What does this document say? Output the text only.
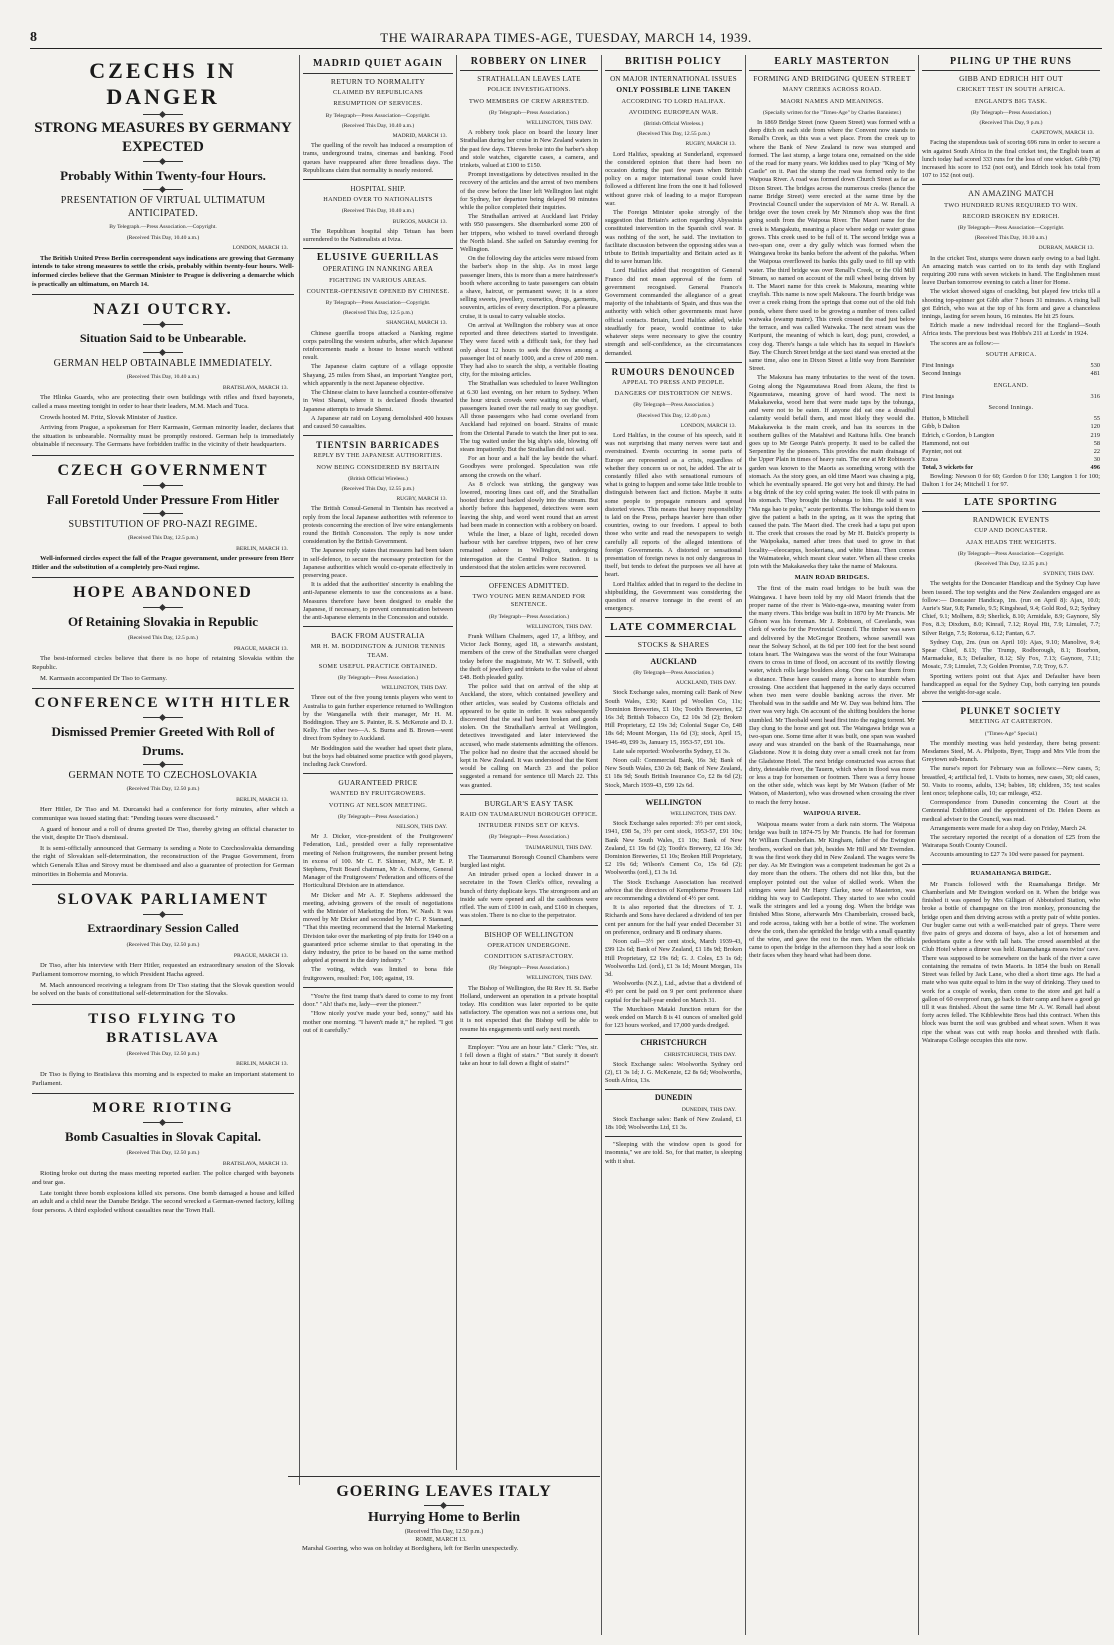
8	THE WAIRARAPA TIMES-AGE, TUESDAY, MARCH 14, 1939.
CZECHS IN DANGER
STRONG MEASURES BY GERMANY EXPECTED
Probably Within Twenty-four Hours.
PRESENTATION OF VIRTUAL ULTIMATUM ANTICIPATED.
By Telegraph.—Press Association.—Copyright.
(Received This Day, 10.40 a.m.)
LONDON, MARCH 13.

The British United Press Berlin correspondent says indications are growing that Germany intends to take strong measures to settle the crisis, probably within twenty-four hours. Well-informed circles believe that the German Minister to Prague is delivering a demarche which is practically an ultimatum, on March 14.

NAZI OUTCRY.
Situation Said to be Unbearable.
GERMAN HELP OBTAINABLE IMMEDIATELY.
(Received This Day, 10.40 a.m.)
BRATISLAVA, MARCH 13.

The Hlinka Guards, who are protecting their own buildings with rifles and fixed bayonets, called a mass meeting tonight in order to hear their leaders, M.M. Mach and Tuca.

Crowds hooted M. Fritz, Slovak Minister of Justice.

Arriving from Prague, a spokesman for Herr Karmasin, German minority leader, declares that the situation is unbearable. Normality must be promptly restored. German help is immediately obtainable if necessary. The Germans have forbidden traffic in the vicinity of their headquarters.

CZECH GOVERNMENT
Fall Foretold Under Pressure From Hitler
SUBSTITUTION OF PRO-NAZI REGIME.
(Received This Day, 12.5 p.m.)
BERLIN, MARCH 13.

Well-informed circles expect the fall of the Prague government, under pressure from Herr Hitler and the substitution of a completely pro-Nazi regime.

HOPE ABANDONED
Of Retaining Slovakia in Republic
(Received This Day, 12.5 p.m.)
PRAGUE, MARCH 13.

The best-informed circles believe that there is no hope of retaining Slovakia within the Republic.

M. Karmasin accompanied Dr Tiso to Germany.

CONFERENCE WITH HITLER
Dismissed Premier Greeted With Roll of Drums.
GERMAN NOTE TO CZECHOSLOVAKIA
(Received This Day, 12.50 p.m.)
BERLIN, MARCH 13.

Herr Hitler, Dr Tiso and M. Durcanski had a conference for forty minutes, after which a communique was issued stating that: "Pending issues were discussed."

A guard of honour and a roll of drums greeted Dr Tiso, thereby giving an official character to the visit, despite Dr Tiso's dismissal.

It is semi-officially announced that Germany is sending a Note to Czechoslovakia demanding the right of Slovakian self-determination, the reconstruction of the Prague Government, from which Generals Elias and Sirovy must be dismissed and also a guarantee of protection for German minorities in Bohemia and Moravia.

SLOVAK PARLIAMENT
Extraordinary Session Called
(Received This Day, 12.50 p.m.)
PRAGUE, MARCH 13.

Dr Tiso, after his interview with Herr Hitler, requested an extraordinary session of the Slovak Parliament tomorrow morning, to which President Hacha agreed.

M. Mach announced receiving a telegram from Dr Tiso stating that the Slovak question would be solved on the basis of constitutional self-determination for the Slovaks.

TISO FLYING TO BRATISLAVA
(Received This Day, 12.50 p.m.)
BERLIN, MARCH 13.

Dr Tiso is flying to Bratislava this morning and is expected to make an important statement to Parliament.

MORE RIOTING
Bomb Casualties in Slovak Capital.
(Received This Day, 12.50 p.m.)
BRATISLAVA, MARCH 13.

Rioting broke out during the mass meeting reported earlier. The police charged with bayonets and tear gas.

Late tonight three bomb explosions killed six persons. One bomb damaged a house and killed an adult and a child near the Danube Bridge. The second wrecked a German-owned factory, killing four persons. A third exploded without casualties near the Town Hall.

MADRID QUIET AGAIN
RETURN TO NORMALITY
CLAIMED BY REPUBLICANS
RESUMPTION OF SERVICES.
By Telegraph—Press Association—Copyright.
(Received This Day, 10.40 a.m.)
MADRID, MARCH 13.

The quelling of the revolt has induced a resumption of trams, underground trains, cinemas and banking. Food queues have reappeared after three breadless days. The Republicans claim that normality is nearly restored.

HOSPITAL SHIP.
HANDED OVER TO NATIONALISTS
(Received This Day, 10.40 a.m.)
BURGOS, MARCH 13.

The Republican hospital ship Tetuan has been surrendered to the Nationalists at Iviza.

ELUSIVE GUERILLAS
OPERATING IN NANKING AREA
FIGHTING IN VARIOUS AREAS.
COUNTER-OFFENSIVE OPENED BY CHINESE.
By Telegraph—Press Association—Copyright.
(Received This Day, 12.5 p.m.)
SHANGHAI, MARCH 13.

Chinese guerilla troops attacked a Nanking regime corps patrolling the western suburbs, after which Japanese reinforcements made a house to house search without result.

The Japanese claim capture of a village opposite Shayang, 25 miles from Shasi, an important Yangtze port, which apparently is the next Japanese objective.

The Chinese claim to have launched a counter-offensive in West Shansi, where it is declared floods thwarted Japanese attempts to invade Shensi.

A Japanese air raid on Loyang demolished 400 houses and caused 50 casualties.

TIENTSIN BARRICADES
REPLY BY THE JAPANESE AUTHORITIES.
NOW BEING CONSIDERED BY BRITAIN
(British Official Wireless.)
(Received This Day, 12.55 p.m.)
RUGBY, MARCH 13.

The British Consul-General in Tientsin has received a reply from the local Japanese authorities with reference to protests concerning the erection of live wire entanglements round the British Concession. The reply is now under consideration by the British Government.

The Japanese reply states that measures had been taken in self-defence, to secure the necessary protection for the Japanese authorities which would co-operate effectively in preserving peace.

It is added that the authorities' sincerity is enabling the anti-Japanese elements to use the concessions as a base. Measures therefore have been designed to enable the Japanese, if necessary, to prevent communication between the anti-Japanese elements in the Concession and outside.

BACK FROM AUSTRALIA
MR H. M. BODDINGTON & JUNIOR TENNIS TEAM.
SOME USEFUL PRACTICE OBTAINED.
(By Telegraph—Press Association.)
WELLINGTON, THIS DAY.

Three out of the five young tennis players who went to Australia to gain further experience returned to Wellington by the Wanganella with their manager, Mr H. M. Boddington. They are S. Painter, R. S. McKenzie and D. J. Kelly. The other two—A. S. Burns and B. Brown—went direct from Sydney to Auckland.

Mr Boddington said the weather had upset their plans, but the boys had obtained some practice with good players, including Jack Crawford.

GUARANTEED PRICE
WANTED BY FRUITGROWERS.
VOTING AT NELSON MEETING.
(By Telegraph—Press Association.)
NELSON, THIS DAY.

Mr J. Dicker, vice-president of the Fruitgrowers' Federation, Ltd., presided over a fully representative meeting of Nelson fruitgrowers, the number present being in excess of 100. Mr C. F. Skinner, M.P., Mr E. P. Stephens, Fruit Board chairman, Mr A. Osborne, General Manager of the Fruitgrowers' Federation and officers of the Horticultural Division are in attendance.

Mr Dicker and Mr A. F. Stephens addressed the meeting, advising growers of the result of negotiations with the Minister of Marketing the Hon. W. Nash. It was moved by Mr Dicker and seconded by Mr C. P. Stannard, "That this meeting recommend that the Internal Marketing Division take over the marketing of pip fruits for 1940 on a guaranteed price scheme similar to that operating in the dairy industry, the price to be based on the same method adopted at present in the dairy industry."

The voting, which was limited to bona fide fruitgrowers, resulted: For, 100; against, 19.

"You're the first tramp that's dared to come to my front door." "Ah! that's me, lady—ever the pioneer."

"How nicely you've made your bed, sonny," said his mother one morning. "I haven't made it," he replied. "I got out of it carefully."

ROBBERY ON LINER
STRATHALLAN LEAVES LATE
POLICE INVESTIGATIONS.
TWO MEMBERS OF CREW ARRESTED.
(By Telegraph—Press Association.)
WELLINGTON, THIS DAY.

A robbery took place on board the luxury liner Strathallan during her cruise in New Zealand waters in the past few days. Thieves broke into the barber's shop and stole watches, cigarette cases, a camera, and trinkets, valued at £100 to £150.

Prompt investigations by detectives resulted in the recovery of the articles and the arrest of two members of the crew before the liner left Wellington last night for Sydney, her departure being delayed 90 minutes while the police completed their inquiries.

The Strathallan arrived at Auckland last Friday with 950 passengers. She disembarked some 200 of her trippers, who wished to travel overland through the North Island. She sailed on Saturday evening for Wellington.

On the following day the articles were missed from the barber's shop in the ship. As in most large passenger liners, this is more than a mere hairdresser's booth where according to taste passengers can obtain a shave, haircut, or permanent wave; it is a store selling sweets, jewellery, cosmetics, drugs, garments, souvenirs, articles of every description. For a pleasure cruise, it is usual to carry valuable stocks.

On arrival at Wellington the robbery was at once reported and three detectives started to investigate. They were faced with a difficult task, for they had only about 12 hours to seek the thieves among a passenger list of nearly 1000, and a crew of 200 men. They had also to search the ship, a veritable floating city, for the missing articles.

The Strathallan was scheduled to leave Wellington at 6.30 last evening, on her return to Sydney. When the hour struck crowds were waiting on the wharf, passengers leaned over the rail ready to say goodbye. All those passengers who had come overland from Auckland had rejoined on board. Strains of music from the Oriental Parade to watch the liner put to sea. The tug waited under the big ship's side, blowing off steam impatiently. But the Strathallan did not sail.

For an hour and a half the lay beside the wharf. Goodbyes were prolonged. Speculation was rife among the crowds on the wharf.

As 8 o'clock was striking, the gangway was lowered, mooring lines cast off, and the Strathallan hooted thrice and backed slowly into the stream. But shortly before this happened, detectives were seen leaving the ship, and word went round that an arrest had been made in connection with a robbery on board.

While the liner, a blaze of light, receded down harbour with her carefree trippers, two of her crew remained ashore in Wellington, undergoing interrogation at the Central Police Station. It is understood that the stolen articles were recovered.

OFFENCES ADMITTED.
TWO YOUNG MEN REMANDED FOR SENTENCE.
(By Telegraph—Press Association.)
WELLINGTON, THIS DAY.

Frank William Chalmers, aged 17, a liftboy, and Victor Jack Bonny, aged 18, a steward's assistant, members of the crew of the Strathallan were charged today before the magistrate, Mr W. T. Stilwell, with the theft of jewellery and trinkets to the value of about £48. Both pleaded guilty.

The police said that on arrival of the ship at Auckland, the store, which contained jewellery and other articles, was sealed by Customs officials and appeared to be quite in order. It was subsequently discovered that the seal had been broken and goods stolen. On the Strathallan's arrival at Wellington, detectives investigated and later interviewed the accused, who made statements admitting the offences. The police had no desire that the accused should be kept in New Zealand. It was understood that the Kent would be calling on March 23 and the police suggested a remand for sentence till March 22. This was granted.

BURGLAR'S EASY TASK
RAID ON TAUMARUNUI BOROUGH OFFICE.
INTRUDER FINDS SET OF KEYS.
(By Telegraph—Press Association.)
TAUMARUNUI, THIS DAY.

The Taumarunui Borough Council Chambers were burgled last night.

An intruder prised open a locked drawer in a secretaire in the Town Clerk's office, revealing a bunch of thirty duplicate keys. The strongroom and an inside safe were opened and all the cashboxes were rifled. The sum of £100 in cash, and £160 in cheques, was stolen. There is no clue to the perpetrator.

BISHOP OF WELLINGTON
OPERATION UNDERGONE.
CONDITION SATISFACTORY.
(By Telegraph—Press Association.)
WELLINGTON, THIS DAY.

The Bishop of Wellington, the Rt Rev H. St. Barbe Holland, underwent an operation in a private hospital today. His condition was later reported to be quite satisfactory. The operation was not a serious one, but it is not expected that the Bishop will be able to resume his engagements until early next month.

Employer: "You are an hour late." Clerk: "Yes, sir. I fell down a flight of stairs." "But surely it doesn't take an hour to fall down a flight of stairs!"

GOERING LEAVES ITALY
Hurrying Home to Berlin
(Received This Day, 12.50 p.m.)
ROME, MARCH 13.

Marshal Goering, who was on holiday at Bordighera, left for Berlin unexpectedly.

BRITISH POLICY
ON MAJOR INTERNATIONAL ISSUES
ONLY POSSIBLE LINE TAKEN
ACCORDING TO LORD HALIFAX.
AVOIDING EUROPEAN WAR.
(British Official Wireless.)
(Received This Day, 12.55 p.m.)
RUGBY, MARCH 13.

Lord Halifax, speaking at Sunderland, expressed the considered opinion that there had been no occasion during the past few years when British policy on a major international issue could have followed a different line from the one it had followed without grave risk of leading to a major European war.

The Foreign Minister spoke strongly of the suggestion that Britain's action regarding Abyssinia constituted intervention in the Spanish civil war. It was nothing of the sort, he said. The invitation to facilitate discussion between the opposing sides was a tribute to British impartiality and Britain acted as it did to save human life.

Lord Halifax added that recognition of General Franco did not mean approval of the form of government recognised. General Franco's Government commanded the allegiance of a great majority of the inhabitants of Spain, and thus was the authority with which other governments must have official contacts. Britain, Lord Halifax added, while steadfastly for peace, would continue to take whatever steps were necessary to give the country strength and self-confidence, as the circumstances demanded.

RUMOURS DENOUNCED
APPEAL TO PRESS AND PEOPLE.
DANGERS OF DISTORTION OF NEWS.
(By Telegraph—Press Association.)
(Received This Day, 12.40 p.m.)
LONDON, MARCH 13.

Lord Halifax, in the course of his speech, said it was not surprising that many nerves were taut and overstrained. Events occurring in some parts of Europe are represented as a crisis, regardless of whether they concern us or not, he added. The air is constantly filled also with sensational rumours of what is going to happen and some take little trouble to distinguish between fact and fiction. Maybe it suits some people to propagate rumours and spread distorted views. This means that heavy responsibility is laid on the Press, perhaps heavier here than other countries, owing to our freedom. I appeal to both those who write and read the newspapers to weigh carefully all reports of the alleged intentions of foreign Governments. A distorted or sensational presentation of foreign news is not only dangerous in itself, but tends to defeat the purposes we all have at heart.

Lord Halifax added that in regard to the decline in shipbuilding, the Government was considering the question of reserve tonnage in the event of an emergency.

LATE COMMERCIAL
STOCKS & SHARES
AUCKLAND
(By Telegraph—Press Association.)
AUCKLAND, THIS DAY.

Stock Exchange sales, morning call: Bank of New South Wales, £30; Kauri pd Woollen Co, 11s; Dominion Breweries, £1 10s; Tooth's Breweries, £2 16s 3d; British Tobacco Co, £2 10s 3d (2); Broken Hill Proprietary, £2 19s 3d; Colonial Sugar Co, £48 18s 6d; Mount Morgan, 11s 6d (3); stock, April 15, 1946-49, £99 3s, January 15, 1953-57, £91 10s.

Late sale reported: Woolworths Sydney, £1 3s.

Noon call: Commercial Bank, 16s 3d; Bank of New South Wales, £30 2s 6d; Bank of New Zealand, £1 18s 9d; South British Insurance Co, £2 8s 6d (2); Stock, March 1939-43, £99 12s 6d.

WELLINGTON
WELLINGTON, THIS DAY.

Stock Exchange sales reported: 3½ per cent stock, 1941, £98 5s, 3½ per cent stock, 1953-57, £91 10s; Bank New South Wales, £1 10s; Bank of New Zealand, £1 19s 6d (2); Tooth's Brewery, £2 16s 3d; Dominion Breweries, £1 10s; Broken Hill Proprietary, £2 19s 6d; Wilson's Cement Co, 15s 6d (2); Woolworths (ord.), £1 3s 1d.

The Stock Exchange Association has received advice that the directors of Kempthorne Prossers Ltd are recommending a dividend of 4½ per cent.

It is also reported that the directors of T. J. Richards and Sons have declared a dividend of ten per cent per annum for the half year ended December 31 on preference, ordinary and B ordinary shares.

Noon call—3½ per cent stock, March 1939-43, £99 12s 6d; Bank of New Zealand, £1 18s 9d; Broken Hill Proprietary, £2 19s 6d; G. J. Coles, £3 1s 6d; Woolworths Ltd. (ord.), £1 3s 1d; Mount Morgan, 11s 3d.

Woolworths (N.Z.), Ltd., advise that a dividend of 4½ per cent be paid on 9 per cent preference share capital for the half-year ended on March 31.

The Murchison Mataki Junction return for the week ended on March 8 is 41 ounces of smelted gold for 123 hours worked, and 17,000 yards dredged.

CHRISTCHURCH
CHRISTCHURCH, THIS DAY.

Stock Exchange sales: Woolworths Sydney ord (2), £1 3s 1d; J. G. McKenzie, £2 8s 6d; Woolworths, South Africa, 13s.

DUNEDIN
DUNEDIN, THIS DAY.

Stock Exchange sales: Bank of New Zealand, £1 18s 10d; Woolworths Ltd, £1 3s.

"Sleeping with the window open is good for insomnia," we are told. So, for that matter, is sleeping with it shut.

EARLY MASTERTON
FORMING AND BRIDGING QUEEN STREET
MANY CREEKS ACROSS ROAD.
MAORI NAMES AND MEANINGS.
(Specially written for the "Times-Age" by Charles Bannister.)

In 1869 Bridge Street (now Queen Street) was formed with a deep ditch on each side from where the Convent now stands to Renall's Creek, as this was a wet place. From the creek up to where the Bank of New Zealand is now was stumped and formed. The last stump, a large totara one, remained on the side of the road for many years. We kiddies used to play "King of My Castle" on it. Past the stump the road was formed only to the Waipoua River. A road was formed down Church Street as far as Dixon Street. The bridges across the numerous creeks (hence the name Bridge Street) were erected at the same time by the Provincial Council under the supervision of Mr A. W. Renall. A bridge over the town creek by Mr Nimmo's shop was the first going south from the Waipoua River. The Maori name for the creek is Mangakutu, meaning a place where sedge or water grass grows. This creek used to be full of it. The second bridge was a two-span one, over a dry gully which was formed when the Waingawa broke its banks before the advent of the pakeha. When the Waipoua overflowed its banks this gully used to fill up with water. The third bridge was over Renall's Creek, or the Old Mill Stream, so named on account of the mill wheel being driven by it. The Maori name for this creek is Makoura, meaning white crayfish. This name is now spelt Makoura. The fourth bridge was over a creek rising from the springs that come out of the old fish ponds, where there used to be growing a number of trees called waiwaka (swamp maire). This creek crossed the road just below the terrace, and was called Waiwaka. The next stream was the Kuripuni, the meaning of which is kuri, dog; puni, crowded, a cosy dog. There's hangs a tale which has its sequel in Hawke's Bay. The Church Street bridge at the taxi stand was erected at the same time, also one in Dixon Street a little way from Bannister Street.

The Makoura has many tributaries to the west of the town. Going along the Ngaumutawa Road from Akura, the first is Ngaumutawa, meaning grove of hard wood. The next is Makakaweka, wood here that were made taps by the tohunga, and were not to be eaten. If anyone did eat one a dreadful calamity would befall them, and most likely they would die. Makakaweka is the main creek, and has its sources in the southern gullies of the Matahiwi and Kaituna hills. One branch goes up to Mr George Pain's property. It used to be called the Serpentine by the pioneers. This provides the main drainage of the Upper Plain in times of heavy rain. The one at Mr Robinson's garden was known to the Maoris as something wrong with the stomach. As the story goes, an old time Maori was chasing a pig, which he eventually speared. He got very hot and thirsty. He had a big drink of the icy cold spring water. He took ill with pains in his stomach. They brought the tohunga to him. He said it was "Ma nga hao te puku," acute peritonitis. The tohunga told them to give the patient a bath in the spring, as it was the spring that caused the pain. The Maori died. The creek had a tapu put upon it. The creek that crosses the road by Mr H. Buick's property is the Waipokaka, named after trees that used to grow in that locality—eleocarpus, hookeriana, and white hinau. Then comes the Waimateeke, which meant clear water. When all these creeks join with the Makakaweka they take the name of Makoura.

MAIN ROAD BRIDGES.

The first of the main road bridges to be built was the Waingawa. I have been told by my old Maori friends that the proper name of the river is Waio-nga-awa, meaning water from the many rivers. This bridge was built in 1870 by Mr Francis. Mr Gibson was his foreman. Mr J. Robinson, of Cavelands, was clerk of works for the Provincial Council. The timber was sawn and delivered by the McGregor Brothers, whose sawmill was near the Solway School, at 8s 6d per 100 feet for the best sound totara heart. The Waingawa was the worst of the four Wairarapa rivers to cross in time of flood, on account of its swiftly flowing water, which rolls large boulders along. One can hear them from a distance. These have caused many a horse to stumble when crossing. One accident that happened in the early days occurred when two men were double banking across the river. Mr Theobald was in the saddle and Mr W. Day was behind him. The river was very high. On account of the shifting boulders the horse stumbled. Mr Theobald went head first into the raging torrent. Mr Day clung to the horse and got out. The Waingawa bridge was a two-span one. Some time after it was built, one span was washed away and was stranded on the bank of the Ruamahanga, near Gladstone. Now it is doing duty over a small creek not far from the Gladstone Hotel. The next bridge constructed was across that dirty, detestable river, the Tauern, which when in flood was more or less a trap for horsemen or footmen. There was a ferry house on the other side, which was kept by Mr Watson (father of Mr Watson, of Masterton), who was drowned when crossing the river to reach the ferry house.

WAIPOUA RIVER.

Waipoua means water from a dark rain storm. The Waipoua bridge was built in 1874-75 by Mr Francis. He had for foreman Mr William Chamberlain. Mr Kingham, father of the Ewington brothers, worked on that job, besides Mr Hill and Mr Evernden. It was the first work they did in New Zealand. The wages were 9s per day. As Mr Ewington was a competent tradesman he got 2s a day more than the others. The others did not like this, but the employer pointed out the value of skilled work. When the stringers were laid Mr Harry Clarke, now of Masterton, was ridding his way to Castlepoint. They started to see who could walk the stringers and led a young dog. When the bridge was finished Miss Stone, afterwards Mrs Chamberlain, crossed back, and rode across, taking with her a bottle of wine. The workmen drew the cork, then she sprinkled the bridge with a small quantity of the wine, and gave the rest to the men. When the officials came to open the bridge in the afternoon they had a sour look on their faces when they heard what had been done.

PILING UP THE RUNS
GIBB AND EDRICH HIT OUT
CRICKET TEST IN SOUTH AFRICA.
ENGLAND'S BIG TASK.
(By Telegraph—Press Association.)
(Received This Day, 9 p.m.)
CAPETOWN, MARCH 13.

Facing the stupendous task of scoring 696 runs in order to secure a win against South Africa in the final cricket test, the English team at lunch today had scored 333 runs for the loss of one wicket. Gibb (78) increased his score to 152 (not out), and Edrich took his total from 107 to 152 (not out).

AN AMAZING MATCH
TWO HUNDRED RUNS REQUIRED TO WIN.
RECORD BROKEN BY EDRICH.
(By Telegraph—Press Association—Copyright.
(Received This Day, 10.10 a.m.)
DURBAN, MARCH 13.

In the cricket Test, stumps were drawn early owing to a bad light. An amazing match was carried on to its tenth day with England requiring 200 runs with seven wickets in hand. The Englishmen must leave Durban tomorrow evening to catch a liner for Home.

The wicket showed signs of crackling, but played few tricks till a shooting top-spinner got Gibb after 7 hours 31 minutes. A rising ball got Edrich, who was at the top of his form and gave a chanceless innings, lasting for seven hours, 16 minutes. He hit 25 fours.

Edrich made a new individual record for the England—South Africa tests. The previous best was Hobbs's 211 at Lords' in 1924.

The scores are as follow:—

SOUTH AFRICA.
First Innings	530
Second Innings	481
ENGLAND.
First Innings	316
Second Innings.
Hutton, b Mitchell	55
Gibb, b Dalton	120
Edrich, c Gordon, b Langton	219
Hammond, not out	58
Paynter, not out	22
Extras	30
Total, 3 wickets for	496

Bowling: Newson 0 for 60; Gordon 0 for 130; Langton 1 for 100; Dalton 1 for 24; Mitchell 1 for 97.

LATE SPORTING
RANDWICK EVENTS
CUP AND DONCASTER.
AJAX HEADS THE WEIGHTS.
(By Telegraph—Press Association—Copyright.
(Received This Day, 12.35 p.m.)
SYDNEY, THIS DAY.

The weights for the Doncaster Handicap and the Sydney Cup have been issued. The top weights and the New Zealanders engaged are as follow:— Doncaster Handicap, 1m. (run on April 8): Ajax, 10.0; Aurie's Star, 9.8; Pamelo, 9.5; Kingshead, 9.4; Gold Rod, 9.2; Sydney Chief, 9.1; Molhem, 8.9; Sherlick, 8.10; Armidale, 8.9; Gaynore, Sly Fox, 8.3; Dixdum, 8.0; Kinrail, 7.12; Royal Hit, 7.9; Limulet, 7.7; Silver Reign, 7.5; Rotorua, 6.12; Fantan, 6.7.

Sydney Cup, 2m. (run on April 10): Ajax, 9.10; Manolive, 9.4; Spear Chief, 8.13; The Trump, Rodborough, 8.1; Bourbon, Marmaduke, 8.3; Defaulter, 8.12; Sly Fox, 7.13; Gaynore, 7.11; Mosaic, 7.9; Limulet, 7.3; Golden Promise, 7.0; Troy, 6.7.

Sporting writers point out that Ajax and Defaulter have been handicapped as equal for the Sydney Cup, both carrying ten pounds above the weight-for-age scale.

PLUNKET SOCIETY
MEETING AT CARTERTON.
("Times-Age" Special.)

The monthly meeting was held yesterday, there being present: Mesdames Steel, M. A. Philpotts, Byer, Trapp and Mrs Vile from the Greytown sub-branch.

The nurse's report for February was as follows:—New cases, 5; breastfed, 4; artificial fed, 1. Visits to homes, new cases, 30; old cases, 50. Visits to rooms, adults, 134; babies, 18; children, 35; test scales lent once; telephone calls, 10; car mileage, 452.

Correspondence from Dunedin concerning the Court at the Centennial Exhibition and the appointment of Dr. Helen Deem as medical adviser to the Council, was read.

Arrangements were made for a shop day on Friday, March 24.

The secretary reported the receipt of a donation of £25 from the Wairarapa South County Council.

Accounts amounting to £27 7s 10d were passed for payment.

RUAMAHANGA BRIDGE.

Mr Francis followed with the Ruamahanga Bridge. Mr Chamberlain and Mr Ewington worked on it. When the bridge was finished it was opened by Mrs Gilligan of Abbotsford Station, who broke a bottle of champagne on the iron monkey, pronouncing the bridge open and then driving across with a pretty pair of white ponies. Our bugler came out with a well-matched pair of greys. There were five pairs of greys and dozens of bays, also a lot of horsemen and pedestrians quite a few with tall hats. The crowd assembled at the Club Hotel where a dinner was held. Ruamahanga means twins' cave. There was supposed to be somewhere on the bank of the river a cave containing the remains of twin Maoris. In 1854 the bush on Renall Street was felled by Jack Lane, who died a short time ago. He had a mate who was quite equal to him in the way of drinking. They used to work for a couple of weeks, then come to the store and get half a gallon of 60 overproof rum, go back to their camp and have a good go till it was finished. About the same time Mr A. W. Renall had about forty acres felled. The Kibblewhite Bros had this contract. When this block was burnt the soil was grubbed and wheat sown. When it was ripe the wheat was cut with reap hooks and threshed with flails. Wairarapa College occupies this site now.
